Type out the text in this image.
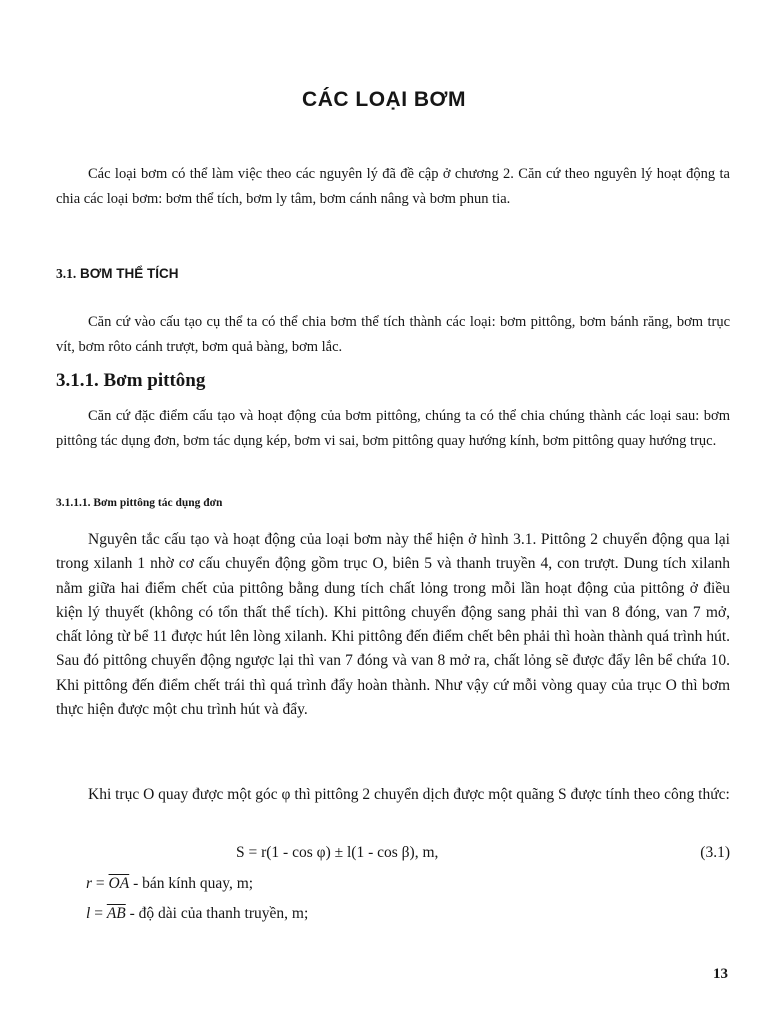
CÁC LOẠI BƠM

Các loại bơm có thể làm việc theo các nguyên lý đã đề cập ở chương 2. Căn cứ theo nguyên lý hoạt động ta chia các loại bơm: bơm thể tích, bơm ly tâm, bơm cánh nâng và bơm phun tia.

3.1. BƠM THỂ TÍCH

Căn cứ vào cấu tạo cụ thể ta có thể chia bơm thể tích thành các loại: bơm pittông, bơm bánh răng, bơm trục vít, bơm rôto cánh trượt, bơm quả bàng, bơm lắc.

3.1.1. Bơm pittông

Căn cứ đặc điểm cấu tạo và hoạt động của bơm pittông, chúng ta có thể chia chúng thành các loại sau: bơm pittông tác dụng đơn, bơm tác dụng kép, bơm vi sai, bơm pittông quay hướng kính, bơm pittông quay hướng trục.

3.1.1.1. Bơm pittông tác dụng đơn

Nguyên tắc cấu tạo và hoạt động của loại bơm này thể hiện ở hình 3.1. Pittông 2 chuyển động qua lại trong xilanh 1 nhờ cơ cấu chuyển động gồm trục O, biên 5 và thanh truyền 4, con trượt. Dung tích xilanh nằm giữa hai điểm chết của pittông bằng dung tích chất lỏng trong mỗi lần hoạt động của pittông ở điều kiện lý thuyết (không có tổn thất thể tích). Khi pittông chuyển động sang phải thì van 8 đóng, van 7 mở, chất lỏng từ bể 11 được hút lên lòng xilanh. Khi pittông đến điểm chết bên phải thì hoàn thành quá trình hút. Sau đó pittông chuyển động ngược lại thì van 7 đóng và van 8 mở ra, chất lỏng sẽ được đẩy lên bể chứa 10. Khi pittông đến điểm chết trái thì quá trình đẩy hoàn thành. Như vậy cứ mỗi vòng quay của trục O thì bơm thực hiện được một chu trình hút và đẩy.

Khi trục O quay được một góc φ thì pittông 2 chuyển dịch được một quãng S được tính theo công thức:

S = r(1 - cos φ) ± l(1 - cos β), m,	(3.1)
$r = \overline{OA}$ - bán kính quay, m;
$l = \overline{AB}$ - độ dài của thanh truyền, m;
13
